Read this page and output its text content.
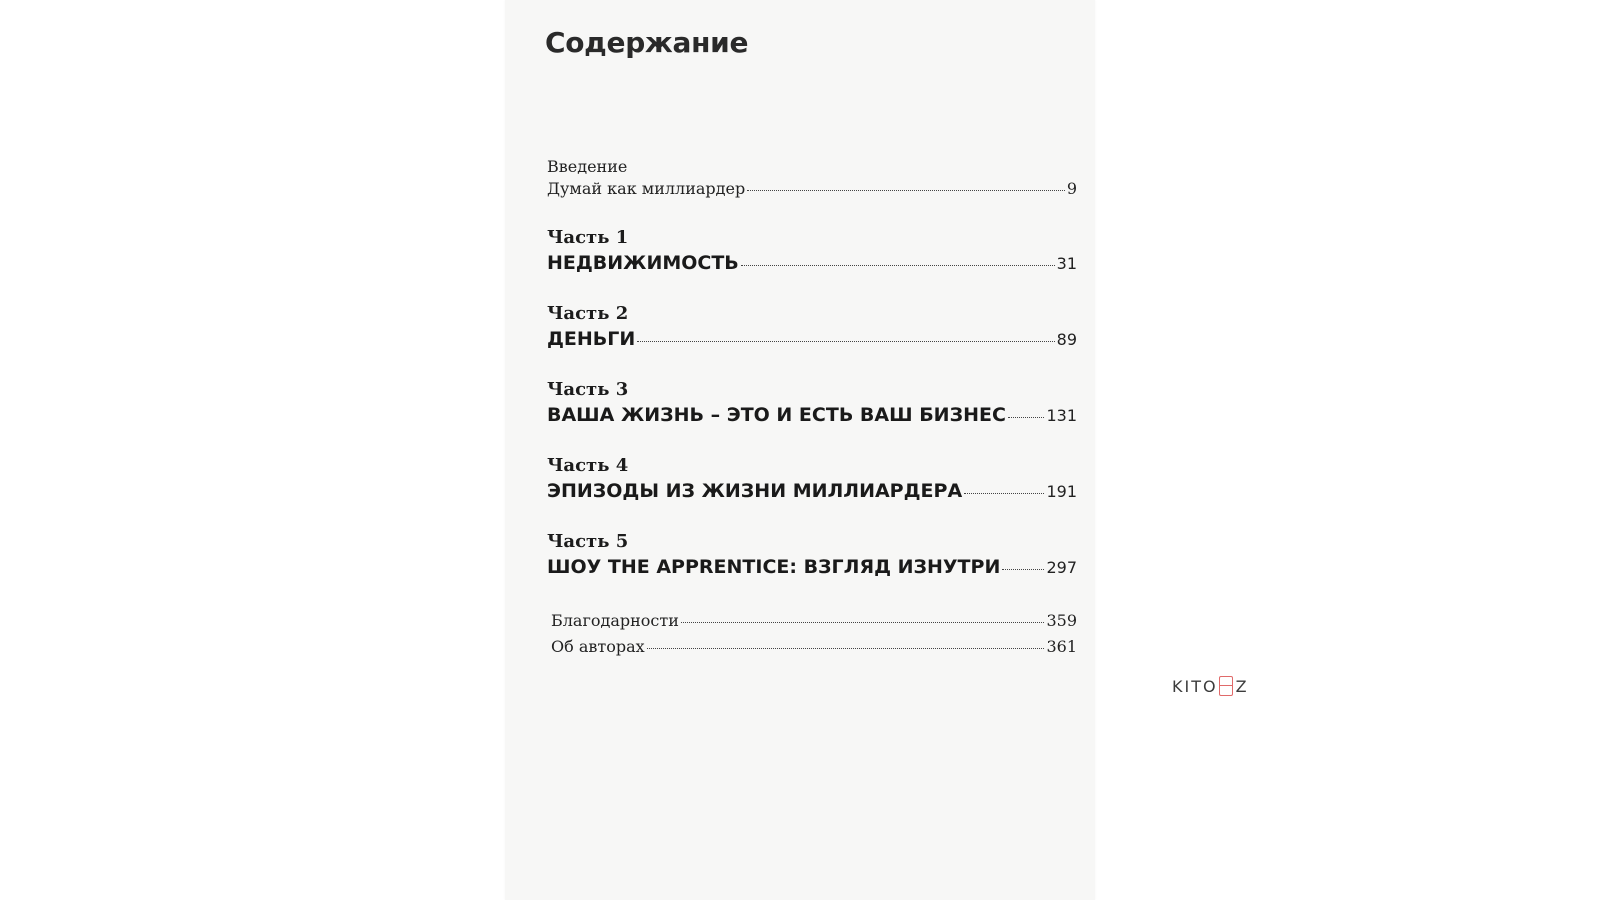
Содержание
Введение
Думай как миллиардер	9
Часть 1
НЕДВИЖИМОСТЬ	31
Часть 2
ДЕНЬГИ	89
Часть 3
ВАША ЖИЗНЬ – ЭТО И ЕСТЬ ВАШ БИЗНЕС	131
Часть 4
ЭПИЗОДЫ ИЗ ЖИЗНИ МИЛЛИАРДЕРА	191
Часть 5
ШОУ THE APPRENTICE: ВЗГЛЯД ИЗНУТРИ	297
Благодарности	359
Об авторах	361
KITO Z
